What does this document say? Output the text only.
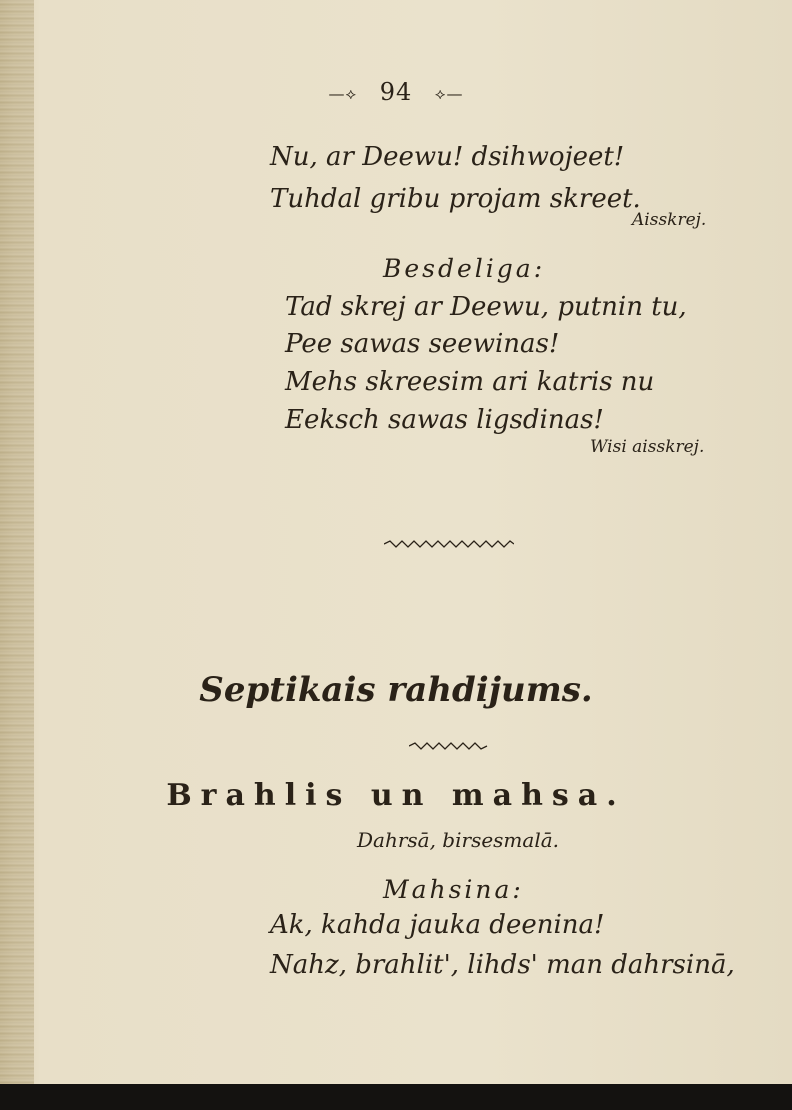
—⟡ 94 ⟡—
Nu, ar Deewu! dsihwojeet!
Tuhdal gribu projam skreet.
Aisskrej.
Besdeliga:
Tad skrej ar Deewu, putnin tu,
Pee sawas seewinas!
Mehs skreesim ari katris nu
Eeksch sawas ligsdinas!
Wisi aisskrej.
Septikais rahdijums.
Brahlis un mahsa.
Dahrsā, birsesmalā.
Mahsina:
Ak, kahda jauka deenina!
Nahz, brahlit', lihds' man dahrsinā,
